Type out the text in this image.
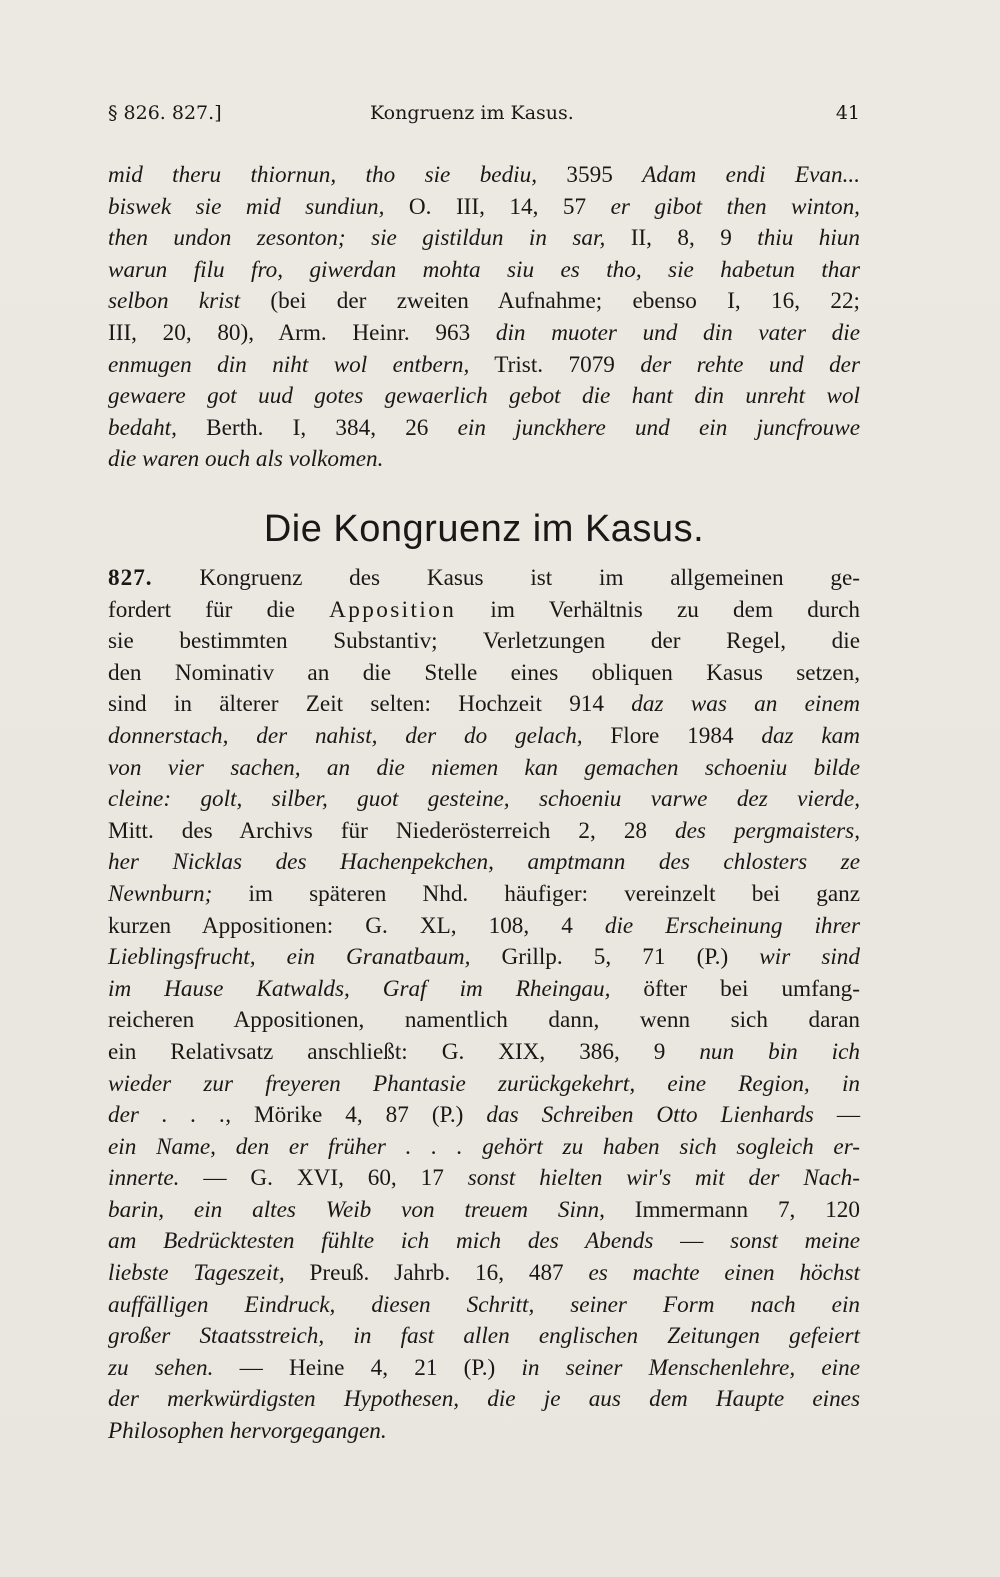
§ 826. 827.]	Kongruenz im Kasus.	41
mid theru thiornun, tho sie bediu, 3595 Adam endi Evan...
biswek sie mid sundiun, O. III, 14, 57 er gibot then winton,
then undon zesonton; sie gistildun in sar, II, 8, 9 thiu hiun
warun filu fro, giwerdan mohta siu es tho, sie habetun thar
selbon krist (bei der zweiten Aufnahme; ebenso I, 16, 22;
III, 20, 80), Arm. Heinr. 963 din muoter und din vater die
enmugen din niht wol entbern, Trist. 7079 der rehte und der
gewaere got uud gotes gewaerlich gebot die hant din unreht wol
bedaht, Berth. I, 384, 26 ein junckhere und ein juncfrouwe
die waren ouch als volkomen.
Die Kongruenz im Kasus.
827. Kongruenz des Kasus ist im allgemeinen ge-
fordert für die Apposition im Verhältnis zu dem durch
sie bestimmten Substantiv; Verletzungen der Regel, die
den Nominativ an die Stelle eines obliquen Kasus setzen,
sind in älterer Zeit selten: Hochzeit 914 daz was an einem
donnerstach, der nahist, der do gelach, Flore 1984 daz kam
von vier sachen, an die niemen kan gemachen schoeniu bilde
cleine: golt, silber, guot gesteine, schoeniu varwe dez vierde,
Mitt. des Archivs für Niederösterreich 2, 28 des pergmaisters,
her Nicklas des Hachenpekchen, amptmann des chlosters ze
Newnburn; im späteren Nhd. häufiger: vereinzelt bei ganz
kurzen Appositionen: G. XL, 108, 4 die Erscheinung ihrer
Lieblingsfrucht, ein Granatbaum, Grillp. 5, 71 (P.) wir sind
im Hause Katwalds, Graf im Rheingau, öfter bei umfang-
reicheren Appositionen, namentlich dann, wenn sich daran
ein Relativsatz anschließt: G. XIX, 386, 9 nun bin ich
wieder zur freyeren Phantasie zurückgekehrt, eine Region, in
der . . ., Mörike 4, 87 (P.) das Schreiben Otto Lienhards —
ein Name, den er früher . . . gehört zu haben sich sogleich er-
innerte. — G. XVI, 60, 17 sonst hielten wir's mit der Nach-
barin, ein altes Weib von treuem Sinn, Immermann 7, 120
am Bedrücktesten fühlte ich mich des Abends — sonst meine
liebste Tageszeit, Preuß. Jahrb. 16, 487 es machte einen höchst
auffälligen Eindruck, diesen Schritt, seiner Form nach ein
großer Staatsstreich, in fast allen englischen Zeitungen gefeiert
zu sehen. — Heine 4, 21 (P.) in seiner Menschenlehre, eine
der merkwürdigsten Hypothesen, die je aus dem Haupte eines
Philosophen hervorgegangen.
